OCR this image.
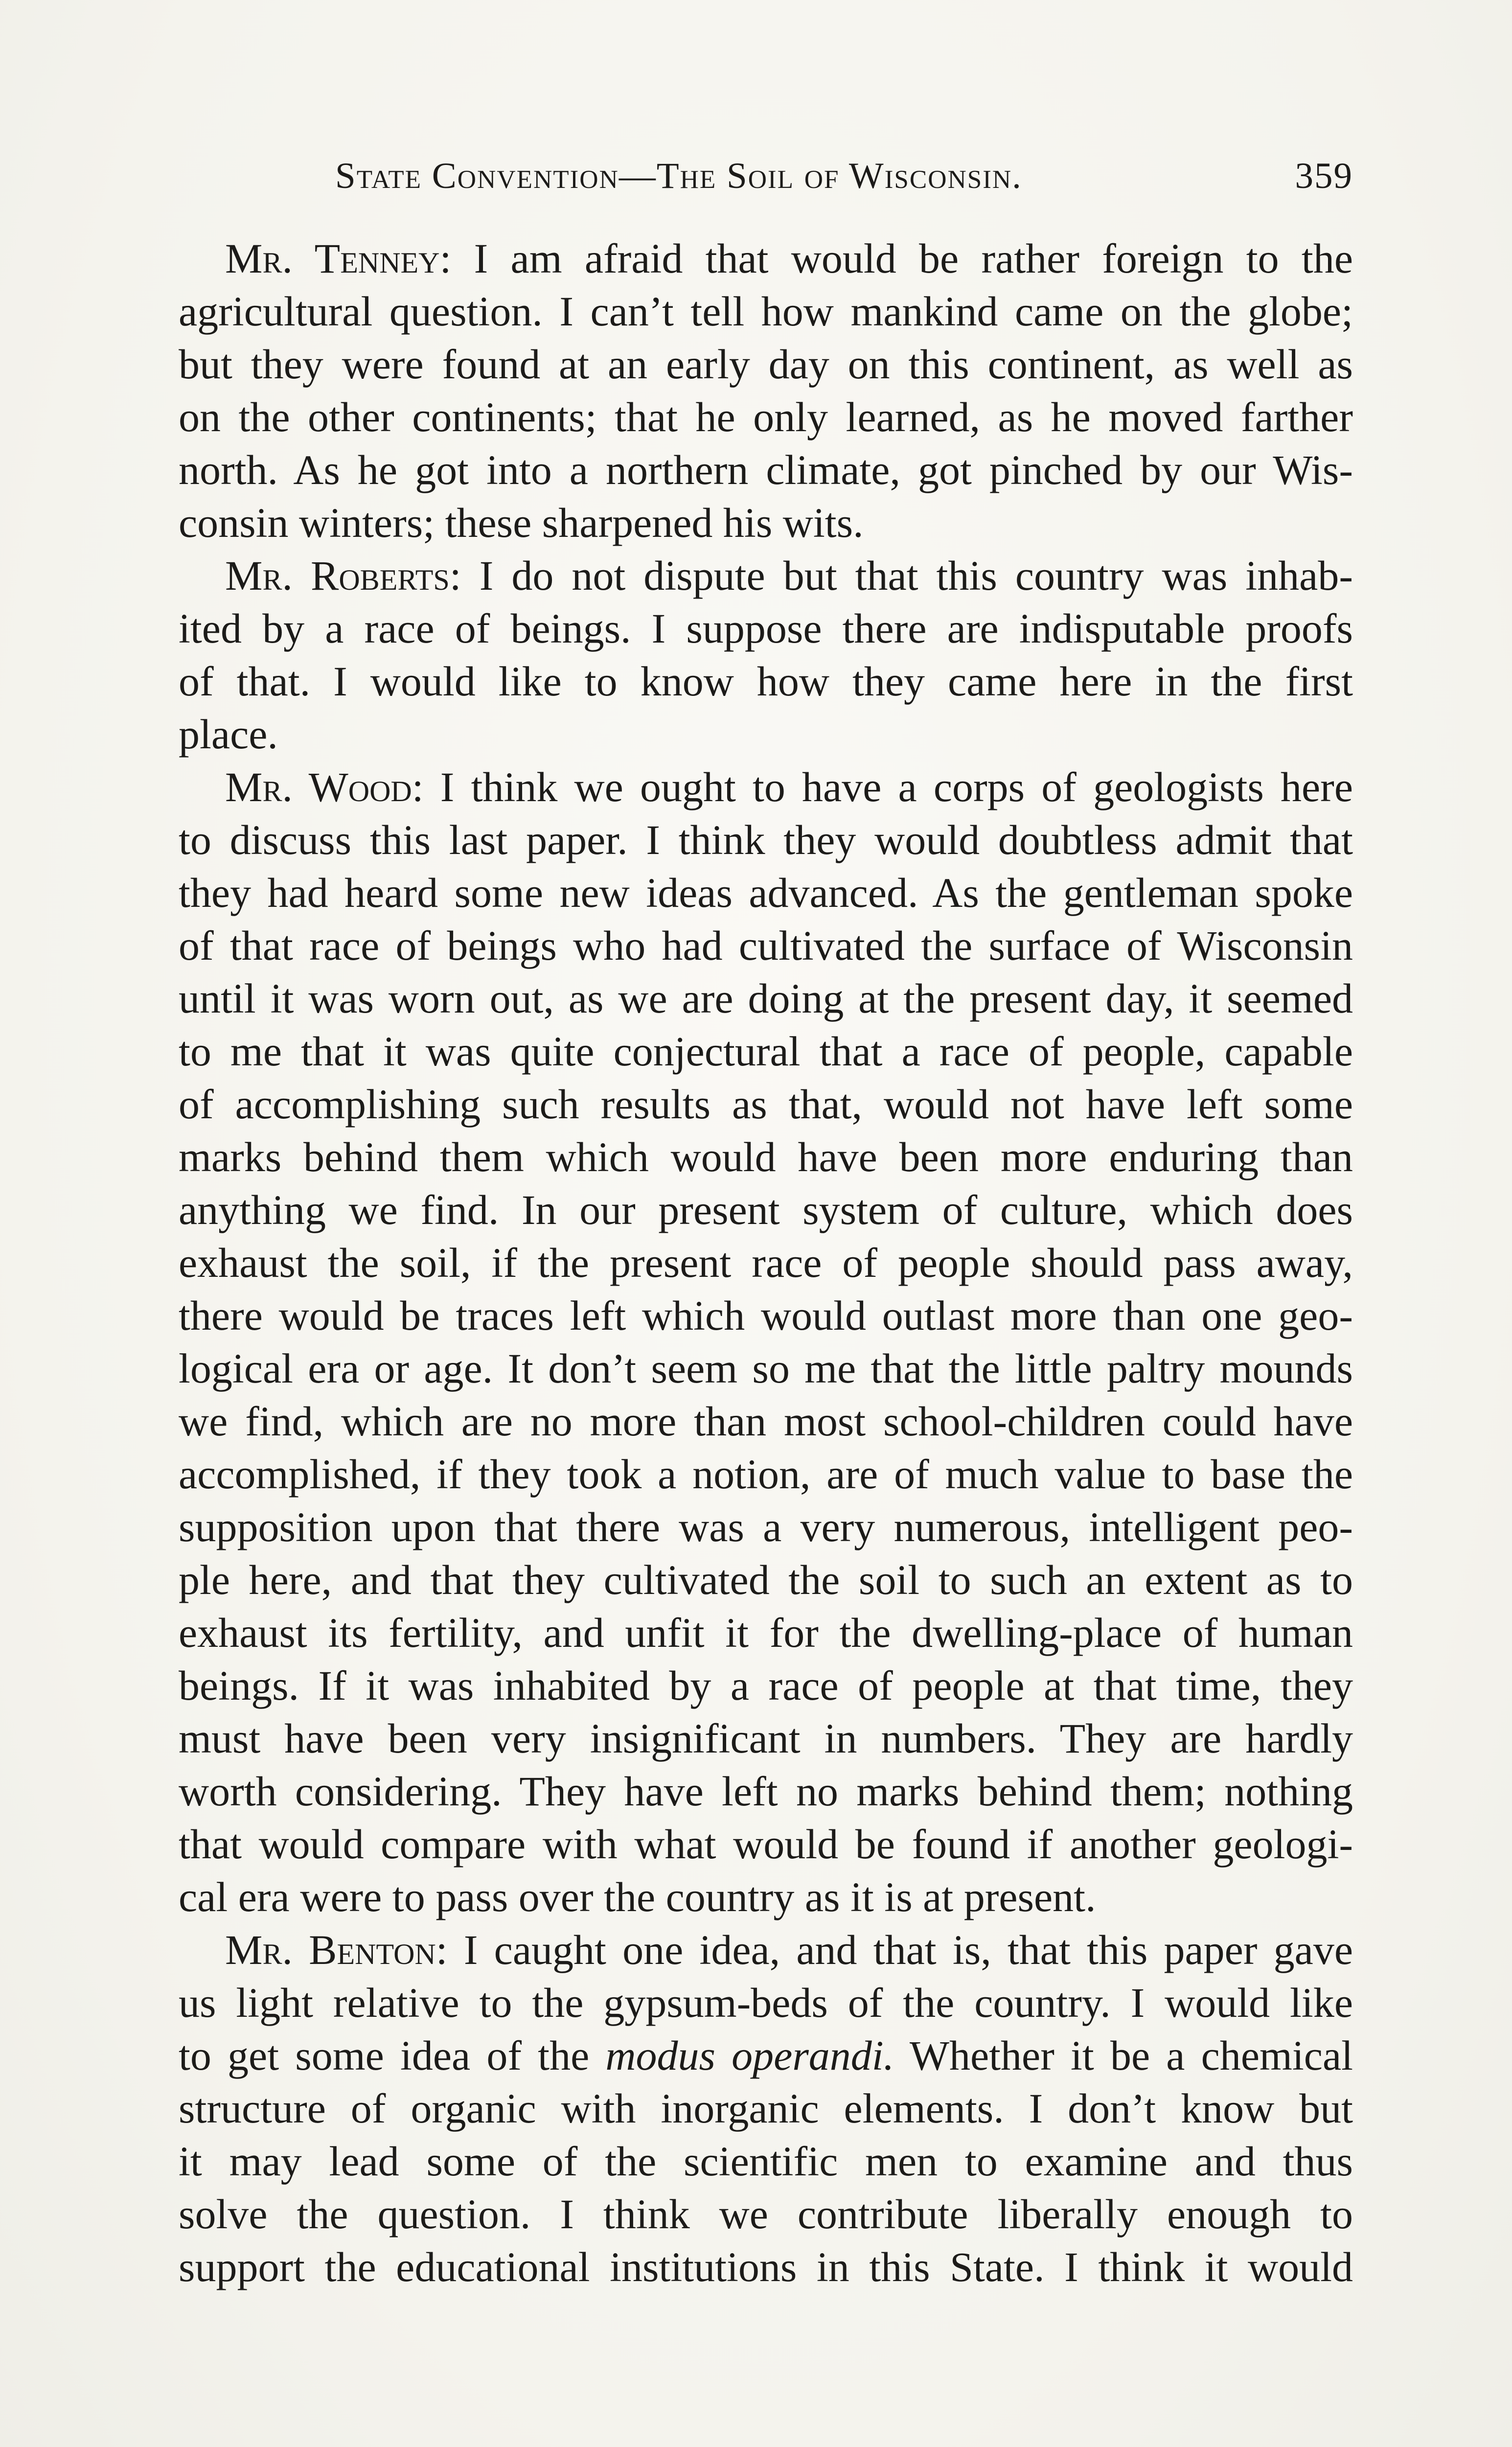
State Convention—The Soil of Wisconsin.	359
Mr. Tenney: I am afraid that would be rather foreign to the
agricultural question. I can’t tell how mankind came on the globe;
but they were found at an early day on this continent, as well as
on the other continents; that he only learned, as he moved farther
north. As he got into a northern climate, got pinched by our Wis-
consin winters; these sharpened his wits.
Mr. Roberts: I do not dispute but that this country was inhab-
ited by a race of beings. I suppose there are indisputable proofs
of that. I would like to know how they came here in the first
place.
Mr. Wood: I think we ought to have a corps of geologists here
to discuss this last paper. I think they would doubtless admit that
they had heard some new ideas advanced. As the gentleman spoke
of that race of beings who had cultivated the surface of Wisconsin
until it was worn out, as we are doing at the present day, it seemed
to me that it was quite conjectural that a race of people, capable
of accomplishing such results as that, would not have left some
marks behind them which would have been more enduring than
anything we find. In our present system of culture, which does
exhaust the soil, if the present race of people should pass away,
there would be traces left which would outlast more than one geo-
logical era or age. It don’t seem so me that the little paltry mounds
we find, which are no more than most school-children could have
accomplished, if they took a notion, are of much value to base the
supposition upon that there was a very numerous, intelligent peo-
ple here, and that they cultivated the soil to such an extent as to
exhaust its fertility, and unfit it for the dwelling-place of human
beings. If it was inhabited by a race of people at that time, they
must have been very insignificant in numbers. They are hardly
worth considering. They have left no marks behind them; nothing
that would compare with what would be found if another geologi-
cal era were to pass over the country as it is at present.
Mr. Benton: I caught one idea, and that is, that this paper gave
us light relative to the gypsum-beds of the country. I would like
to get some idea of the modus operandi. Whether it be a chemical
structure of organic with inorganic elements. I don’t know but
it may lead some of the scientific men to examine and thus
solve the question. I think we contribute liberally enough to
support the educational institutions in this State. I think it would
